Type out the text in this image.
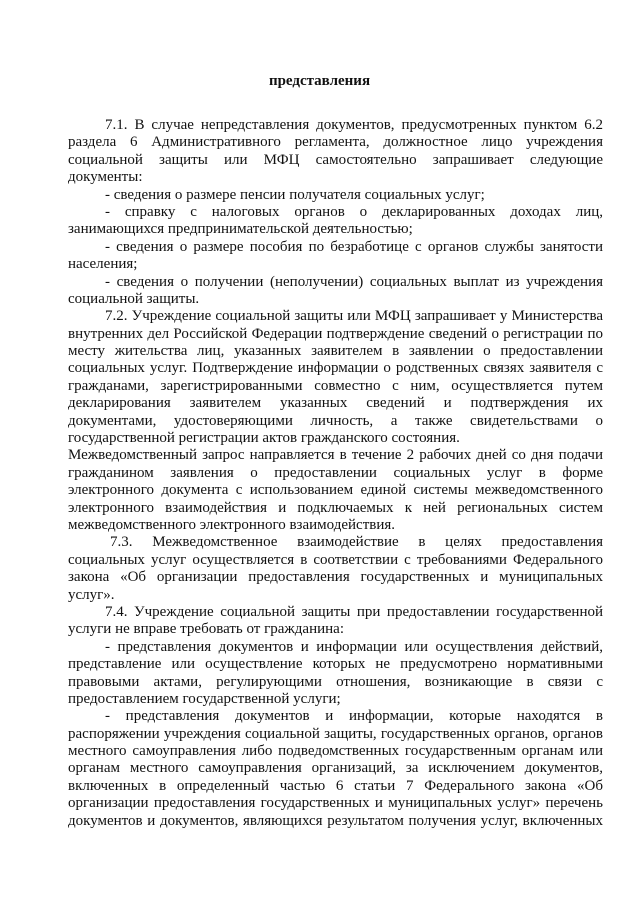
представления
7.1. В случае непредставления документов, предусмотренных пунктом 6.2
раздела 6 Административного регламента, должностное лицо учреждения
социальной защиты или МФЦ самостоятельно запрашивает следующие
документы:
- сведения о размере пенсии получателя социальных услуг;
- справку с налоговых органов о декларированных доходах лиц,
занимающихся предпринимательской деятельностью;
- сведения о размере пособия по безработице с органов службы занятости
населения;
- сведения о получении (неполучении) социальных выплат из учреждения
социальной защиты.
7.2. Учреждение социальной защиты или МФЦ запрашивает у Министерства
внутренних дел Российской Федерации подтверждение сведений о регистрации по
месту жительства лиц, указанных заявителем в заявлении о предоставлении
социальных услуг. Подтверждение информации о родственных связях заявителя с
гражданами, зарегистрированными совместно с ним, осуществляется путем
декларирования заявителем указанных сведений и подтверждения их
документами, удостоверяющими личность, а также свидетельствами о
государственной регистрации актов гражданского состояния.
Межведомственный запрос направляется в течение 2 рабочих дней со дня подачи
гражданином заявления о предоставлении социальных услуг в форме
электронного документа с использованием единой системы межведомственного
электронного взаимодействия и подключаемых к ней региональных систем
межведомственного электронного взаимодействия.
7.3. Межведомственное взаимодействие в целях предоставления
социальных услуг осуществляется в соответствии с требованиями Федерального
закона «Об организации предоставления государственных и муниципальных
услуг».
7.4. Учреждение социальной защиты при предоставлении государственной
услуги не вправе требовать от гражданина:
- представления документов и информации или осуществления действий,
представление или осуществление которых не предусмотрено нормативными
правовыми актами, регулирующими отношения, возникающие в связи с
предоставлением государственной услуги;
- представления документов и информации, которые находятся в
распоряжении учреждения социальной защиты, государственных органов, органов
местного самоуправления либо подведомственных государственным органам или
органам местного самоуправления организаций, за исключением документов,
включенных в определенный частью 6 статьи 7 Федерального закона «Об
организации предоставления государственных и муниципальных услуг» перечень
документов и документов, являющихся результатом получения услуг, включенных
